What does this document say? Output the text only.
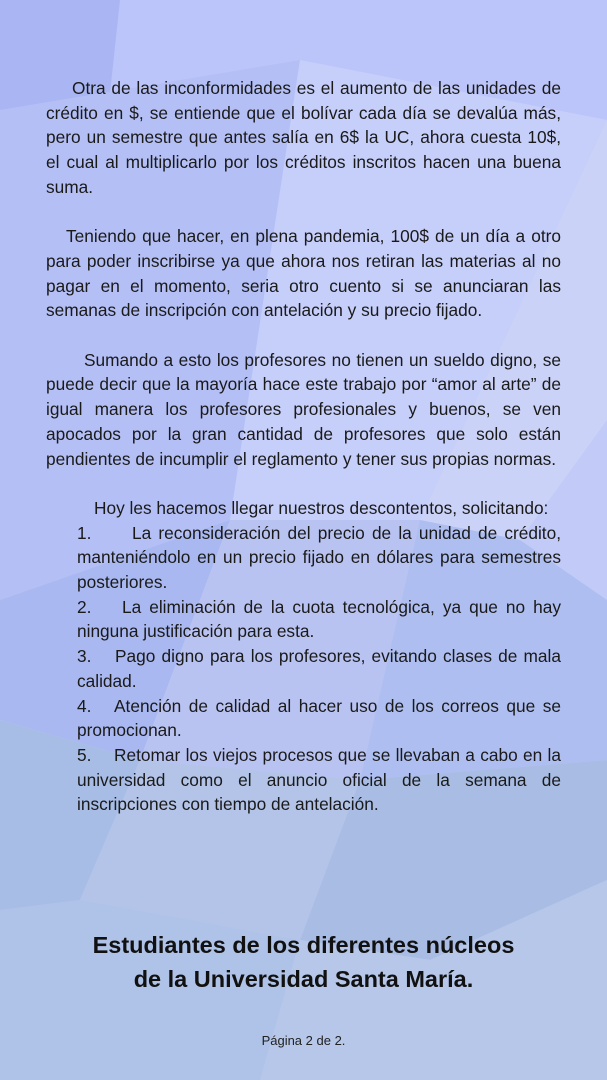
Otra de las inconformidades es el aumento de las unidades de crédito en $, se entiende que el bolívar cada día se devalúa más, pero un semestre que antes salía en 6$ la UC, ahora cuesta 10$, el cual al multiplicarlo por los créditos inscritos hacen una buena suma.

Teniendo que hacer, en plena pandemia, 100$ de un día a otro para poder inscribirse ya que ahora nos retiran las materias al no pagar en el momento, seria otro cuento si se anunciaran las semanas de inscripción con antelación y su precio fijado.

Sumando a esto los profesores no tienen un sueldo digno, se puede decir que la mayoría hace este trabajo por “amor al arte” de igual manera los profesores profesionales y buenos, se ven apocados por la gran cantidad de profesores que solo están pendientes de incumplir el reglamento y tener sus propias normas.

Hoy les hacemos llegar nuestros descontentos, solicitando:

1. La reconsideración del precio de la unidad de crédito, manteniéndolo en un precio fijado en dólares para semestres posteriores.
2. La eliminación de la cuota tecnológica, ya que no hay ninguna justificación para esta.
3. Pago digno para los profesores, evitando clases de mala calidad.
4. Atención de calidad al hacer uso de los correos que se promocionan.
5. Retomar los viejos procesos que se llevaban a cabo en la universidad como el anuncio oficial de la semana de inscripciones con tiempo de antelación.
Estudiantes de los diferentes núcleos
de la Universidad Santa María.
Página 2 de 2.
